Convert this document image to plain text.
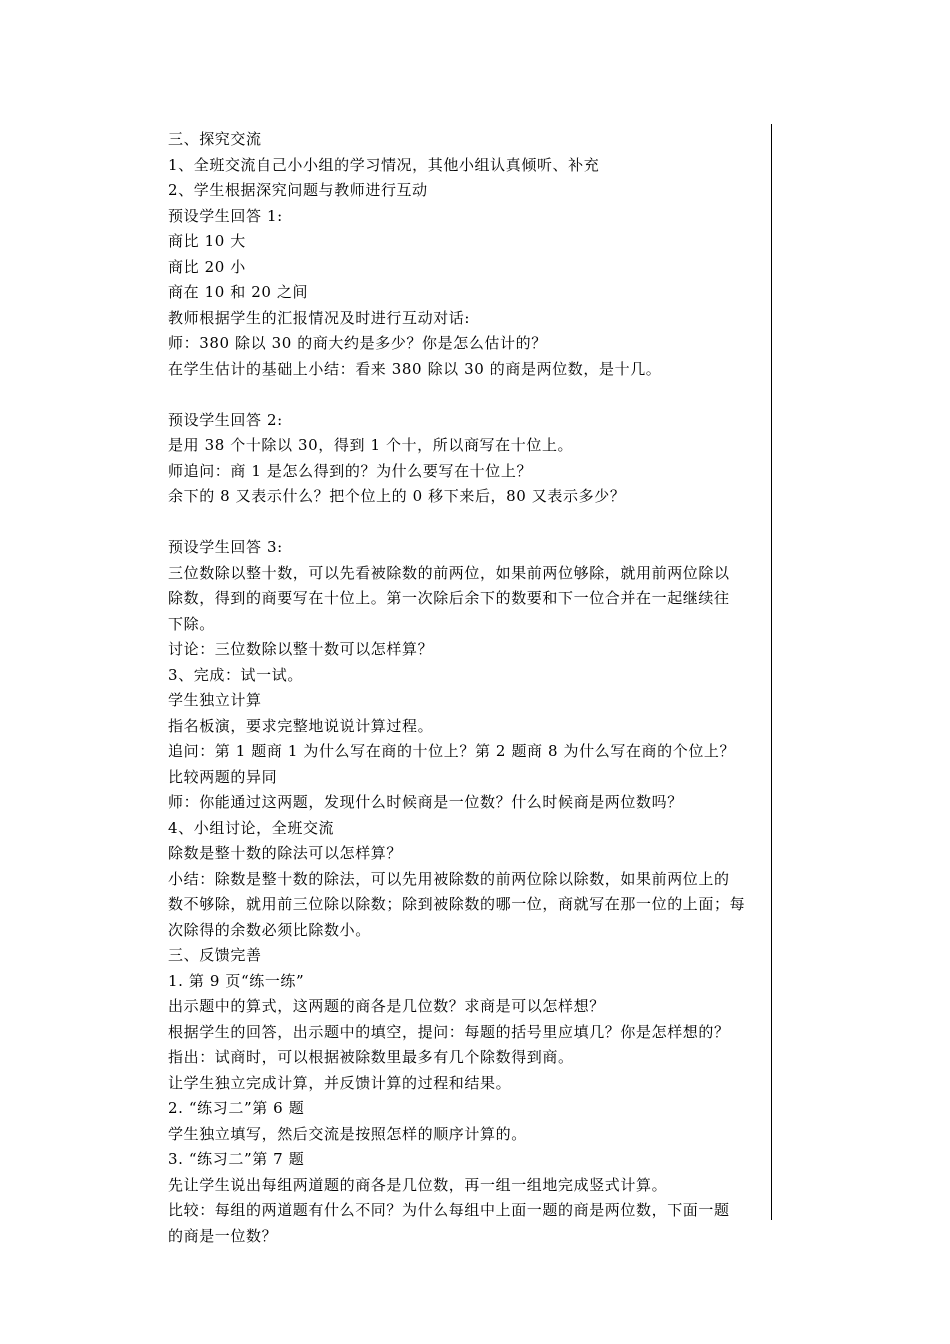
三、探究交流
1、全班交流自己小小组的学习情况，其他小组认真倾听、补充
2、学生根据深究问题与教师进行互动
预设学生回答 1:
商比 10 大
商比 20 小
商在 10 和 20 之间
教师根据学生的汇报情况及时进行互动对话:
师：380 除以 30 的商大约是多少？你是怎么估计的？
在学生估计的基础上小结：看来 380 除以 30 的商是两位数，是十几。
预设学生回答 2:
是用 38 个十除以 30，得到 1 个十，所以商写在十位上。
师追问：商 1 是怎么得到的？为什么要写在十位上？
余下的 8 又表示什么？把个位上的 0 移下来后，80 又表示多少？
预设学生回答 3:
三位数除以整十数，可以先看被除数的前两位，如果前两位够除，就用前两位除以
除数，得到的商要写在十位上。第一次除后余下的数要和下一位合并在一起继续往
下除。
讨论：三位数除以整十数可以怎样算？
3、完成：试一试。
学生独立计算
指名板演，要求完整地说说计算过程。
追问：第 1 题商 1 为什么写在商的十位上？第 2 题商 8 为什么写在商的个位上？
比较两题的异同
师：你能通过这两题，发现什么时候商是一位数？什么时候商是两位数吗？
4、小组讨论，全班交流
除数是整十数的除法可以怎样算？
小结：除数是整十数的除法，可以先用被除数的前两位除以除数，如果前两位上的
数不够除，就用前三位除以除数；除到被除数的哪一位，商就写在那一位的上面；每
次除得的余数必须比除数小。
三、反馈完善
1. 第 9 页“练一练”
出示题中的算式，这两题的商各是几位数？求商是可以怎样想？
根据学生的回答，出示题中的填空，提问：每题的括号里应填几？你是怎样想的？
指出：试商时，可以根据被除数里最多有几个除数得到商。
让学生独立完成计算，并反馈计算的过程和结果。
2. “练习二”第 6 题
学生独立填写，然后交流是按照怎样的顺序计算的。
3. “练习二”第 7 题
先让学生说出每组两道题的商各是几位数，再一组一组地完成竖式计算。
比较：每组的两道题有什么不同？为什么每组中上面一题的商是两位数，下面一题
的商是一位数？
